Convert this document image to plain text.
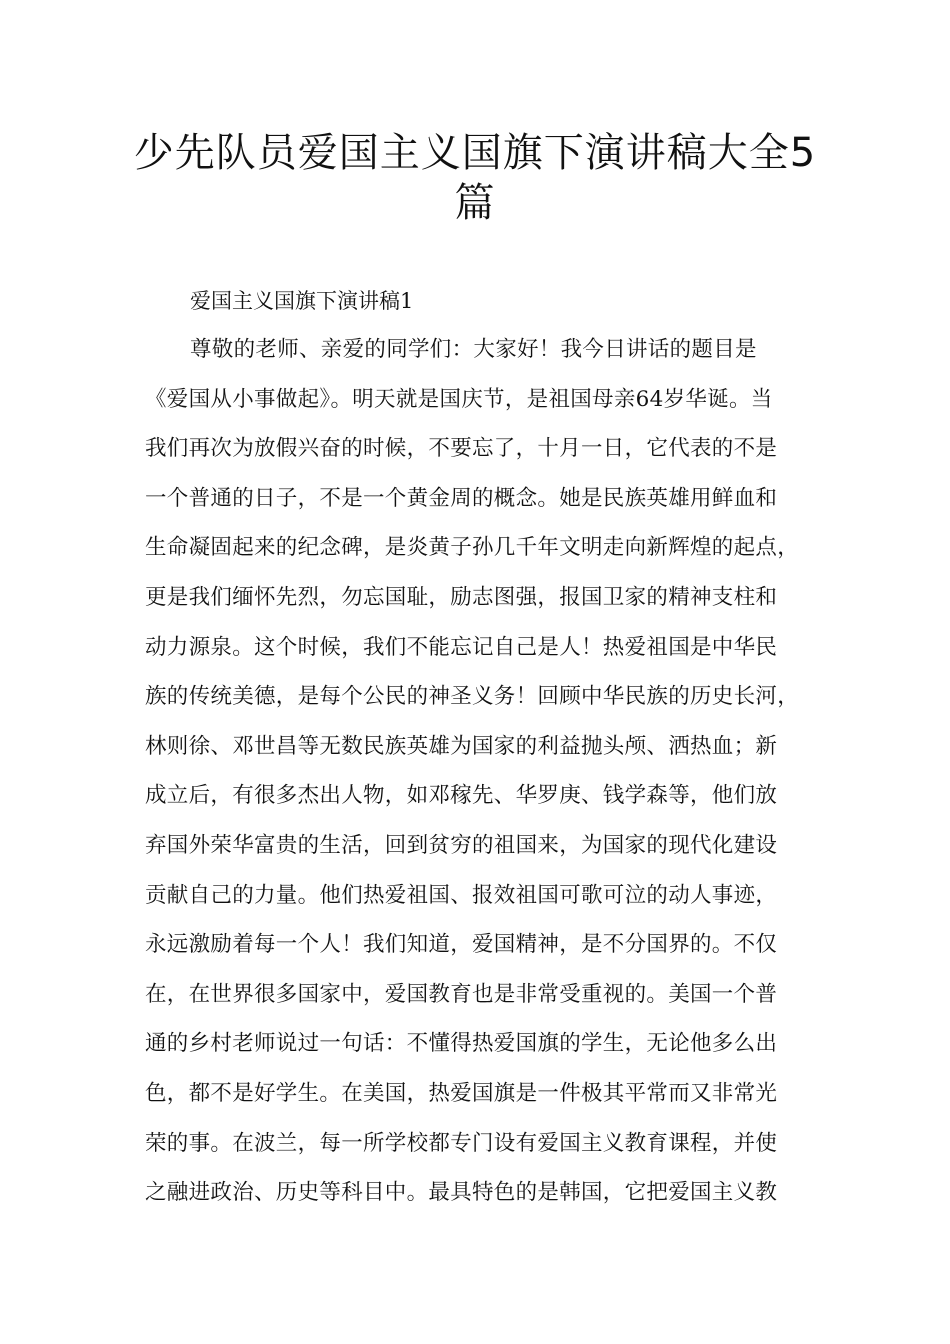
少先队员爱国主义国旗下演讲稿大全5
篇

爱国主义国旗下演讲稿1

尊敬的老师、亲爱的同学们：大家好！我今日讲话的题目是
《爱国从小事做起》。明天就是国庆节，是祖国母亲64岁华诞。当
我们再次为放假兴奋的时候，不要忘了，十月一日，它代表的不是
一个普通的日子，不是一个黄金周的概念。她是民族英雄用鲜血和
生命凝固起来的纪念碑，是炎黄子孙几千年文明走向新辉煌的起点，
更是我们缅怀先烈，勿忘国耻，励志图强，报国卫家的精神支柱和
动力源泉。这个时候，我们不能忘记自己是人！热爱祖国是中华民
族的传统美德，是每个公民的神圣义务！回顾中华民族的历史长河，
林则徐、邓世昌等无数民族英雄为国家的利益抛头颅、洒热血；新
成立后，有很多杰出人物，如邓稼先、华罗庚、钱学森等，他们放
弃国外荣华富贵的生活，回到贫穷的祖国来，为国家的现代化建设
贡献自己的力量。他们热爱祖国、报效祖国可歌可泣的动人事迹，
永远激励着每一个人！我们知道，爱国精神，是不分国界的。不仅
在，在世界很多国家中，爱国教育也是非常受重视的。美国一个普
通的乡村老师说过一句话：不懂得热爱国旗的学生，无论他多么出
色，都不是好学生。在美国，热爱国旗是一件极其平常而又非常光
荣的事。在波兰，每一所学校都专门设有爱国主义教育课程，并使
之融进政治、历史等科目中。最具特色的是韩国，它把爱国主义教
